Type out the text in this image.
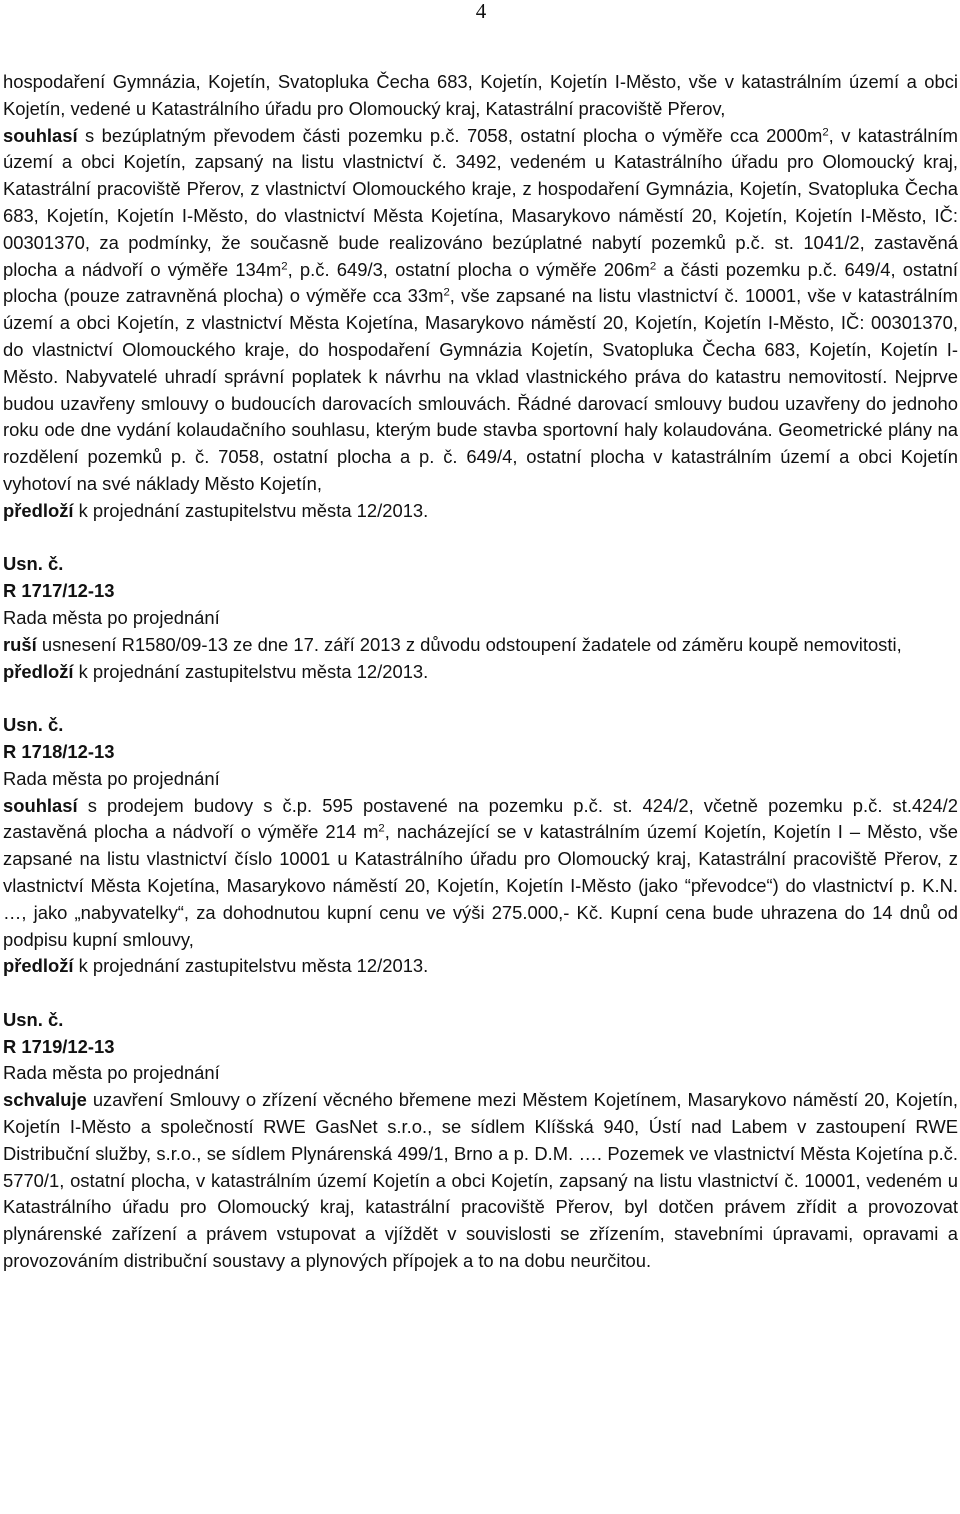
4

hospodaření Gymnázia, Kojetín, Svatopluka Čecha 683, Kojetín, Kojetín I-Město, vše v katastrálním území a obci Kojetín, vedené u Katastrálního úřadu pro Olomoucký kraj, Katastrální pracoviště Přerov,

souhlasí s bezúplatným převodem části pozemku p.č. 7058, ostatní plocha o výměře cca $2000m^2$, v katastrálním území a obci Kojetín, zapsaný na listu vlastnictví č. 3492, vedeném u Katastrálního úřadu pro Olomoucký kraj, Katastrální pracoviště Přerov, z vlastnictví Olomouckého kraje, z hospodaření Gymnázia, Kojetín, Svatopluka Čecha 683, Kojetín, Kojetín I-Město, do vlastnictví Města Kojetína, Masarykovo náměstí 20, Kojetín, Kojetín I-Město, IČ: 00301370, za podmínky, že současně bude realizováno bezúplatné nabytí pozemků p.č. st. 1041/2, zastavěná plocha a nádvoří o výměře $134m^2$, p.č. 649/3, ostatní plocha o výměře $206m^2$ a části pozemku p.č. 649/4, ostatní plocha (pouze zatravněná plocha) o výměře cca $33m^2$, vše zapsané na listu vlastnictví č. 10001, vše v katastrálním území a obci Kojetín, z vlastnictví Města Kojetína, Masarykovo náměstí 20, Kojetín, Kojetín I-Město, IČ: 00301370, do vlastnictví Olomouckého kraje, do hospodaření Gymnázia Kojetín, Svatopluka Čecha 683, Kojetín, Kojetín I-Město. Nabyvatelé uhradí správní poplatek k návrhu na vklad vlastnického práva do katastru nemovitostí. Nejprve budou uzavřeny smlouvy o budoucích darovacích smlouvách. Řádné darovací smlouvy budou uzavřeny do jednoho roku ode dne vydání kolaudačního souhlasu, kterým bude stavba sportovní haly kolaudována. Geometrické plány na rozdělení pozemků p. č. 7058, ostatní plocha a p. č. 649/4, ostatní plocha v katastrálním území a obci Kojetín vyhotoví na své náklady Město Kojetín,

předloží k projednání zastupitelstvu města 12/2013.

Usn. č.

R 1717/12-13

Rada města po projednání

ruší usnesení R1580/09-13 ze dne 17. září 2013 z důvodu odstoupení žadatele od záměru koupě nemovitosti,

předloží k projednání zastupitelstvu města 12/2013.

Usn. č.

R 1718/12-13

Rada města po projednání

souhlasí s prodejem budovy s č.p. 595 postavené na pozemku p.č. st. 424/2, včetně pozemku p.č. st.424/2 zastavěná plocha a nádvoří o výměře 214 $m^2$, nacházející se v katastrálním území Kojetín, Kojetín I – Město, vše zapsané na listu vlastnictví číslo 10001 u Katastrálního úřadu pro Olomoucký kraj, Katastrální pracoviště Přerov, z vlastnictví Města Kojetína, Masarykovo náměstí 20, Kojetín, Kojetín I-Město (jako “převodce“) do vlastnictví p. K.N. …, jako „nabyvatelky“, za dohodnutou kupní cenu ve výši 275.000,- Kč. Kupní cena bude uhrazena do 14 dnů od podpisu kupní smlouvy,

předloží k projednání zastupitelstvu města 12/2013.

Usn. č.

R 1719/12-13

Rada města po projednání

schvaluje uzavření Smlouvy o zřízení věcného břemene mezi Městem Kojetínem, Masarykovo náměstí 20, Kojetín, Kojetín I-Město a společností RWE GasNet s.r.o., se sídlem Klíšská 940, Ústí nad Labem v zastoupení RWE Distribuční služby, s.r.o., se sídlem Plynárenská 499/1, Brno a p. D.M. …. Pozemek ve vlastnictví Města Kojetína p.č. 5770/1, ostatní plocha, v katastrálním území Kojetín a obci Kojetín, zapsaný na listu vlastnictví č. 10001, vedeném u Katastrálního úřadu pro Olomoucký kraj, katastrální pracoviště Přerov, byl dotčen právem zřídit a provozovat plynárenské zařízení a právem vstupovat a vjíždět v souvislosti se zřízením, stavebními úpravami, opravami a provozováním distribuční soustavy a plynových přípojek a to na dobu neurčitou.
